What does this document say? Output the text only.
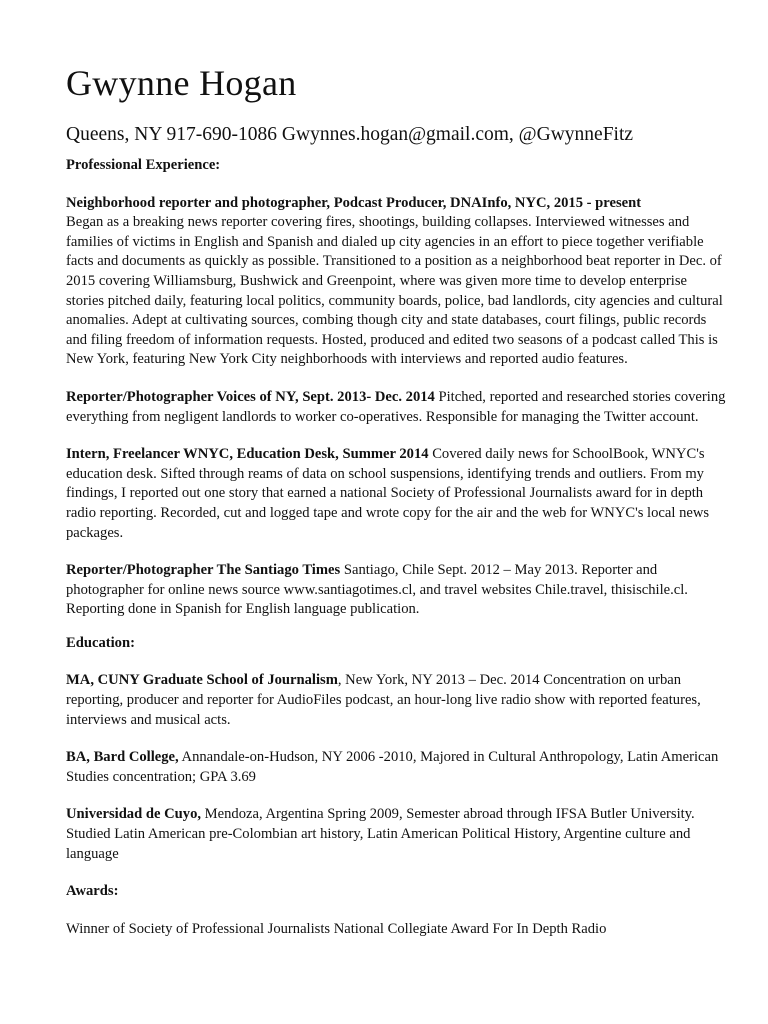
Gwynne Hogan

Queens, NY 917-690-1086 Gwynnes.hogan@gmail.com, @GwynneFitz

Professional Experience:

Neighborhood reporter and photographer, Podcast Producer, DNAInfo, NYC, 2015 - present
Began as a breaking news reporter covering fires, shootings, building collapses. Interviewed witnesses and families of victims in English and Spanish and dialed up city agencies in an effort to piece together verifiable facts and documents as quickly as possible. Transitioned to a position as a neighborhood beat reporter in Dec. of 2015 covering Williamsburg, Bushwick and Greenpoint, where was given more time to develop enterprise stories pitched daily, featuring local politics, community boards, police, bad landlords, city agencies and cultural anomalies. Adept at cultivating sources, combing though city and state databases, court filings, public records and filing freedom of information requests. Hosted, produced and edited two seasons of a podcast called This is New York, featuring New York City neighborhoods with interviews and reported audio features.

Reporter/Photographer Voices of NY, Sept. 2013- Dec. 2014 Pitched, reported and researched stories covering everything from negligent landlords to worker co-operatives. Responsible for managing the Twitter account.

Intern, Freelancer WNYC, Education Desk, Summer 2014 Covered daily news for SchoolBook, WNYC's education desk. Sifted through reams of data on school suspensions, identifying trends and outliers. From my findings, I reported out one story that earned a national Society of Professional Journalists award for in depth radio reporting. Recorded, cut and logged tape and wrote copy for the air and the web for WNYC's local news packages.

Reporter/Photographer The Santiago Times Santiago, Chile Sept. 2012 – May 2013. Reporter and photographer for online news source www.santiagotimes.cl, and travel websites Chile.travel, thisischile.cl. Reporting done in Spanish for English language publication.

Education:

MA, CUNY Graduate School of Journalism, New York, NY 2013 – Dec. 2014 Concentration on urban reporting, producer and reporter for AudioFiles podcast, an hour-long live radio show with reported features, interviews and musical acts.

BA, Bard College, Annandale-on-Hudson, NY 2006 -2010, Majored in Cultural Anthropology, Latin American Studies concentration; GPA 3.69

Universidad de Cuyo, Mendoza, Argentina Spring 2009, Semester abroad through IFSA Butler University. Studied Latin American pre-Colombian art history, Latin American Political History, Argentine culture and language

Awards:

Winner of Society of Professional Journalists National Collegiate Award For In Depth Radio
